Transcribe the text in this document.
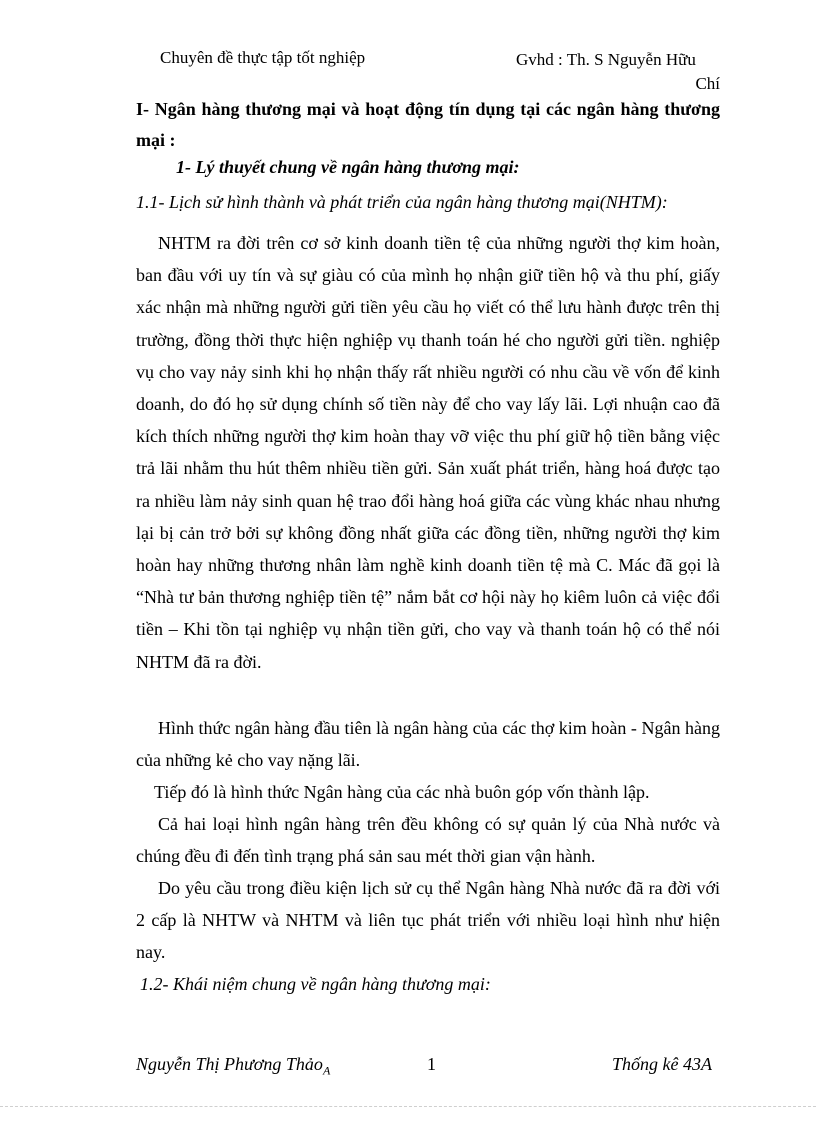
Chuyên đề thực tập tốt nghiệp	Gvhd : Th. S Nguyễn Hữu
Chí
I- Ngân hàng thương mại và hoạt động tín dụng tại các ngân hàng thương mại :
1- Lý thuyết chung về ngân hàng thương mại:
1.1- Lịch sử hình thành và phát triển của ngân hàng thương mại(NHTM):

NHTM ra đời trên cơ sở kinh doanh tiền tệ của những người thợ kim hoàn, ban đầu với uy tín và sự giàu có của mình họ nhận giữ tiền hộ và thu phí, giấy xác nhận mà những người gửi tiền yêu cầu họ viết có thể lưu hành được trên thị trường, đồng thời thực hiện nghiệp vụ thanh toán hé cho người gửi tiền. nghiệp vụ cho vay nảy sinh khi họ nhận thấy rất nhiều người có nhu cầu về vốn để kinh doanh, do đó họ sử dụng chính số tiền này để cho vay lấy lãi. Lợi nhuận cao đã kích thích những người thợ kim hoàn thay vỡ việc thu phí giữ hộ tiền bằng việc trả lãi nhằm thu hút thêm nhiều tiền gửi. Sản xuất phát triển, hàng hoá được tạo ra nhiều làm nảy sinh quan hệ trao đổi hàng hoá giữa các vùng khác nhau nhưng lại bị cản trở bởi sự không đồng nhất giữa các đồng tiền, những người thợ kim hoàn hay những thương nhân làm nghề kinh doanh tiền tệ mà C. Mác đã gọi là “Nhà tư bản thương nghiệp tiền tệ” nắm bắt cơ hội này họ kiêm luôn cả việc đổi tiền – Khi tồn tại nghiệp vụ nhận tiền gửi, cho vay và thanh toán hộ có thể nói NHTM đã ra đời.

Hình thức ngân hàng đầu tiên là ngân hàng của các thợ kim hoàn - Ngân hàng của những kẻ cho vay nặng lãi.

Tiếp đó là hình thức Ngân hàng của các nhà buôn góp vốn thành lập.

Cả hai loại hình ngân hàng trên đều không có sự quản lý của Nhà nước và chúng đều đi đến tình trạng phá sản sau mét thời gian vận hành.

Do yêu cầu trong điều kiện lịch sử cụ thể Ngân hàng Nhà nước đã ra đời với 2 cấp là NHTW và NHTM và liên tục phát triển với nhiều loại hình như hiện nay.

1.2- Khái niệm chung về ngân hàng thương mại:
Nguyễn Thị Phương Thảo$_A$	1	Thống kê 43A
